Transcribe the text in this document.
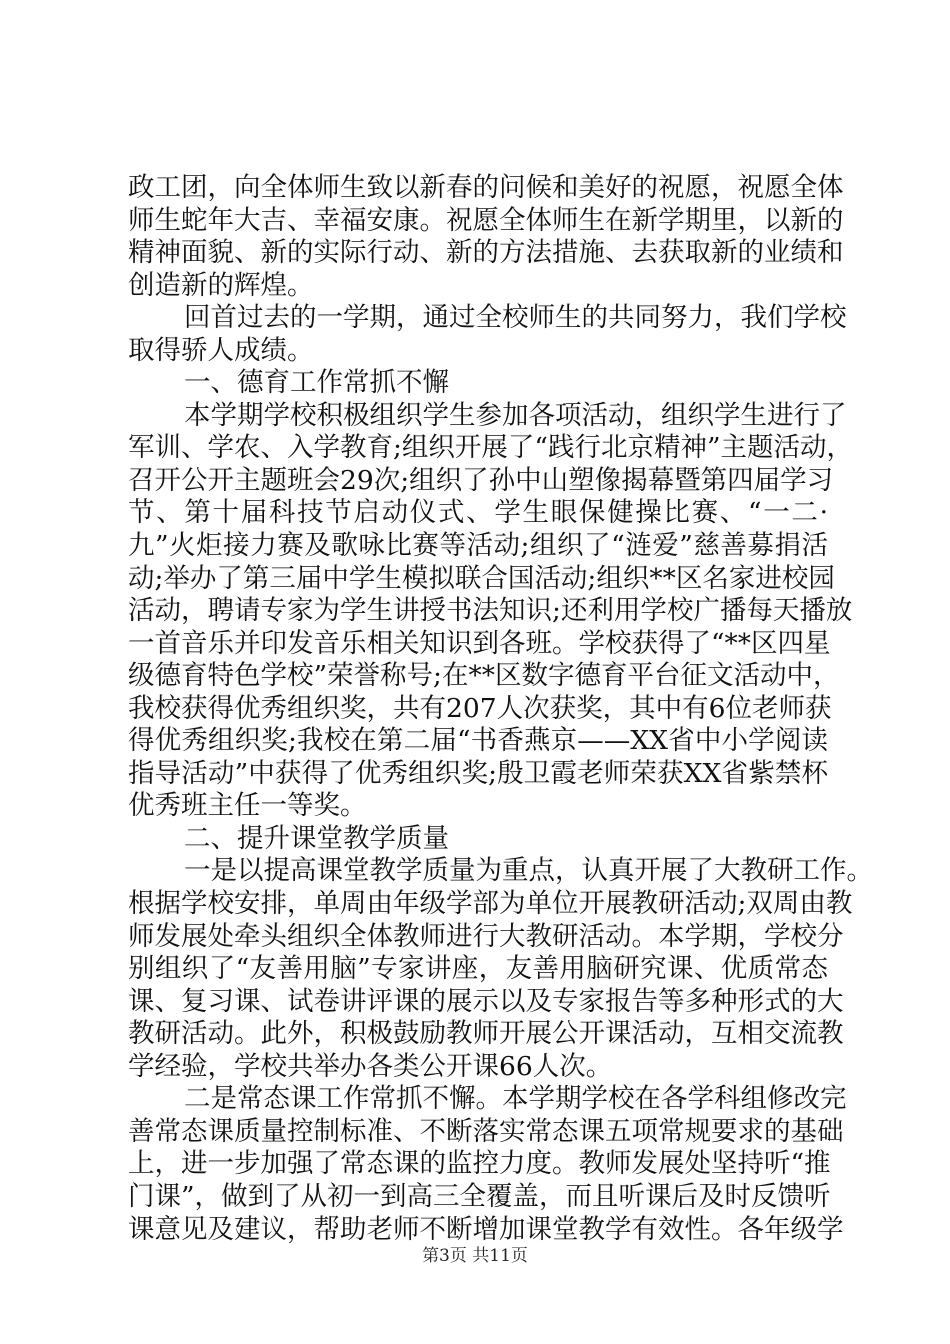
政工团，向全体师生致以新春的问候和美好的祝愿，祝愿全体
师生蛇年大吉、幸福安康。祝愿全体师生在新学期里，以新的
精神面貌、新的实际行动、新的方法措施、去获取新的业绩和
创造新的辉煌。
回首过去的一学期，通过全校师生的共同努力，我们学校
取得骄人成绩。
一、德育工作常抓不懈
本学期学校积极组织学生参加各项活动，组织学生进行了
军训、学农、入学教育;组织开展了“践行北京精神”主题活动，
召开公开主题班会29次;组织了孙中山塑像揭幕暨第四届学习
节、第十届科技节启动仪式、学生眼保健操比赛、“一二·
九”火炬接力赛及歌咏比赛等活动;组织了“涟爱”慈善募捐活
动;举办了第三届中学生模拟联合国活动;组织**区名家进校园
活动，聘请专家为学生讲授书法知识;还利用学校广播每天播放
一首音乐并印发音乐相关知识到各班。学校获得了“**区四星
级德育特色学校”荣誉称号;在**区数字德育平台征文活动中，
我校获得优秀组织奖，共有207人次获奖，其中有6位老师获
得优秀组织奖;我校在第二届“书香燕京——XX省中小学阅读
指导活动”中获得了优秀组织奖;殷卫霞老师荣获XX省紫禁杯
优秀班主任一等奖。
二、提升课堂教学质量
一是以提高课堂教学质量为重点，认真开展了大教研工作。
根据学校安排，单周由年级学部为单位开展教研活动;双周由教
师发展处牵头组织全体教师进行大教研活动。本学期，学校分
别组织了“友善用脑”专家讲座，友善用脑研究课、优质常态
课、复习课、试卷讲评课的展示以及专家报告等多种形式的大
教研活动。此外，积极鼓励教师开展公开课活动，互相交流教
学经验，学校共举办各类公开课66人次。
二是常态课工作常抓不懈。本学期学校在各学科组修改完
善常态课质量控制标准、不断落实常态课五项常规要求的基础
上，进一步加强了常态课的监控力度。教师发展处坚持听“推
门课”，做到了从初一到高三全覆盖，而且听课后及时反馈听
课意见及建议，帮助老师不断增加课堂教学有效性。各年级学
第3页 共11页
